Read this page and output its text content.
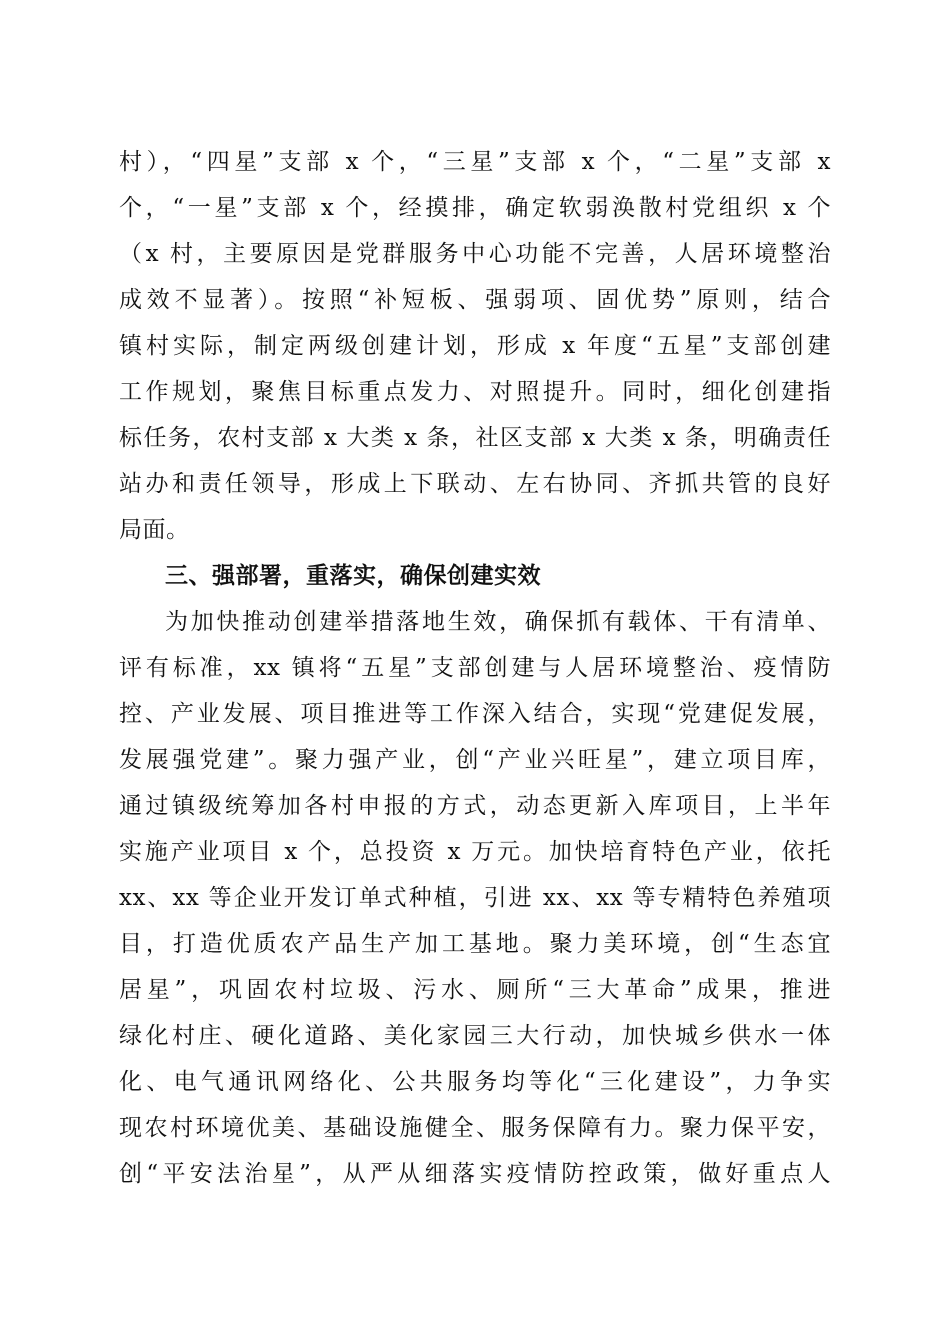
村），“四星”支部 x 个，“三星”支部 x 个，“二星”支部 x
个，“一星”支部 x 个，经摸排，确定软弱涣散村党组织 x 个
（x 村，主要原因是党群服务中心功能不完善，人居环境整治
成效不显著）。按照“补短板、强弱项、固优势”原则，结合
镇村实际，制定两级创建计划，形成 x 年度“五星”支部创建
工作规划，聚焦目标重点发力、对照提升。同时，细化创建指
标任务，农村支部 x 大类 x 条，社区支部 x 大类 x 条，明确责任
站办和责任领导，形成上下联动、左右协同、齐抓共管的良好
局面。
三、强部署，重落实，确保创建实效
为加快推动创建举措落地生效，确保抓有载体、干有清单、
评有标准，xx 镇将“五星”支部创建与人居环境整治、疫情防
控、产业发展、项目推进等工作深入结合，实现“党建促发展，
发展强党建”。聚力强产业，创“产业兴旺星”，建立项目库，
通过镇级统筹加各村申报的方式，动态更新入库项目，上半年
实施产业项目 x 个，总投资 x 万元。加快培育特色产业，依托
xx、xx 等企业开发订单式种植，引进 xx、xx 等专精特色养殖项
目，打造优质农产品生产加工基地。聚力美环境，创“生态宜
居星”，巩固农村垃圾、污水、厕所“三大革命”成果，推进
绿化村庄、硬化道路、美化家园三大行动，加快城乡供水一体
化、电气通讯网络化、公共服务均等化“三化建设”，力争实
现农村环境优美、基础设施健全、服务保障有力。聚力保平安，
创“平安法治星”，从严从细落实疫情防控政策，做好重点人
